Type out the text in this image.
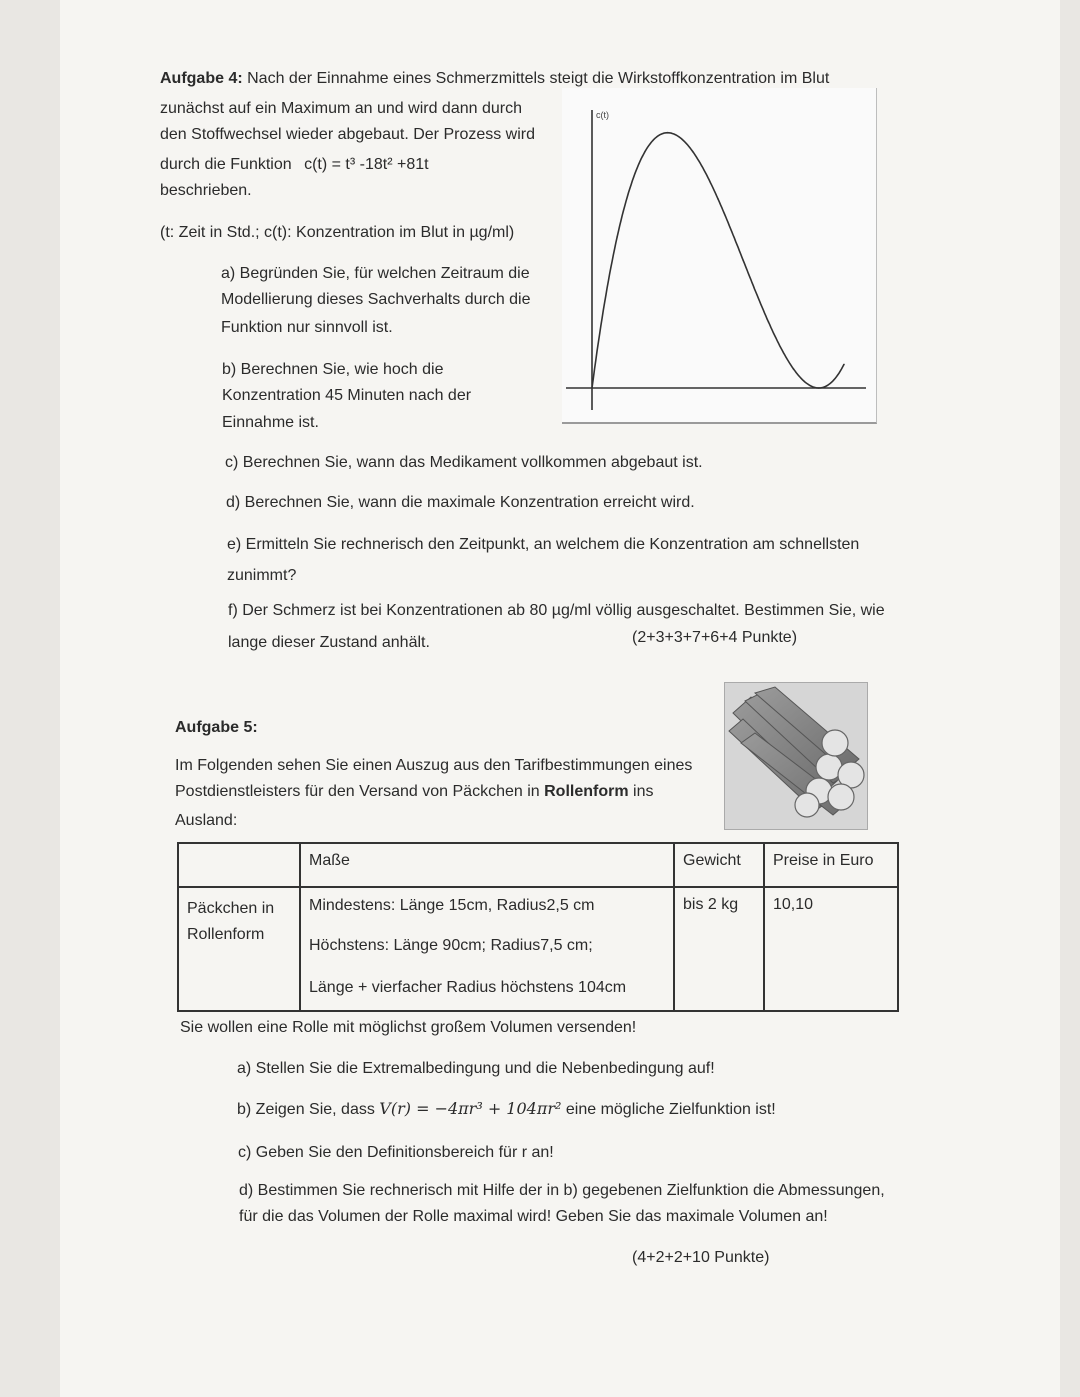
Aufgabe 4: Nach der Einnahme eines Schmerzmittels steigt die Wirkstoffkonzentration im Blut
zunächst auf ein Maximum an und wird dann durch
den Stoffwechsel wieder abgebaut. Der Prozess wird
durch die Funktion c(t) = t³ -18t² +81t
beschrieben.
(t: Zeit in Std.; c(t): Konzentration im Blut in µg/ml)
a) Begründen Sie, für welchen Zeitraum die
Modellierung dieses Sachverhalts durch die
Funktion nur sinnvoll ist.
b) Berechnen Sie, wie hoch die
Konzentration 45 Minuten nach der
Einnahme ist.
c(t)
c) Berechnen Sie, wann das Medikament vollkommen abgebaut ist.
d) Berechnen Sie, wann die maximale Konzentration erreicht wird.
e) Ermitteln Sie rechnerisch den Zeitpunkt, an welchem die Konzentration am schnellsten
zunimmt?
f) Der Schmerz ist bei Konzentrationen ab 80 µg/ml völlig ausgeschaltet. Bestimmen Sie, wie
lange dieser Zustand anhält.	(2+3+3+7+6+4 Punkte)
Aufgabe 5:
Im Folgenden sehen Sie einen Auszug aus den Tarifbestimmungen eines
Postdienstleisters für den Versand von Päckchen in Rollenform ins
Ausland:
	Maße	Gewicht	Preise in Euro
Päckchen in Rollenform	Mindestens: Länge 15cm, Radius2,5 cm
Höchstens: Länge 90cm; Radius7,5 cm;
Länge + vierfacher Radius höchstens 104cm	bis 2 kg	10,10
Sie wollen eine Rolle mit möglichst großem Volumen versenden!
a) Stellen Sie die Extremalbedingung und die Nebenbedingung auf!
b) Zeigen Sie, dass V(r) = −4πr³ + 104πr² eine mögliche Zielfunktion ist!
c) Geben Sie den Definitionsbereich für r an!
d) Bestimmen Sie rechnerisch mit Hilfe der in b) gegebenen Zielfunktion die Abmessungen,
für die das Volumen der Rolle maximal wird! Geben Sie das maximale Volumen an!
(4+2+2+10 Punkte)
